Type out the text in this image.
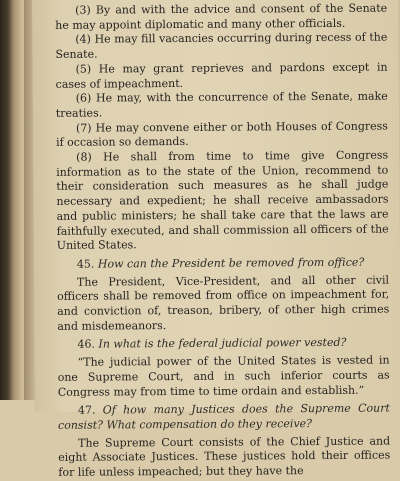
(3) By and with the advice and consent of the Senate he may appoint diplomatic and many other officials.

(4) He may fill vacancies occurring during recess of the Senate.

(5) He may grant reprieves and pardons except in cases of impeachment.

(6) He may, with the concurrence of the Senate, make treaties.

(7) He may convene either or both Houses of Congress if occasion so demands.

(8) He shall from time to time give Congress information as to the state of the Union, recommend to their consideration such measures as he shall judge necessary and expedient; he shall receive ambassadors and public ministers; he shall take care that the laws are faithfully executed, and shall commission all officers of the United States.

45. How can the President be removed from office?

The President, Vice-President, and all other civil officers shall be removed from office on impeachment for, and conviction of, treason, bribery, of other high crimes and misdemeanors.

46. In what is the federal judicial power vested?

“The judicial power of the United States is vested in one Supreme Court, and in such inferior courts as Congress may from time to time ordain and establish.”

47. Of how many Justices does the Supreme Court consist? What compensation do they receive?

The Supreme Court consists of the Chief Justice and eight Associate Justices. These justices hold their offices for life unless impeached; but they have the
